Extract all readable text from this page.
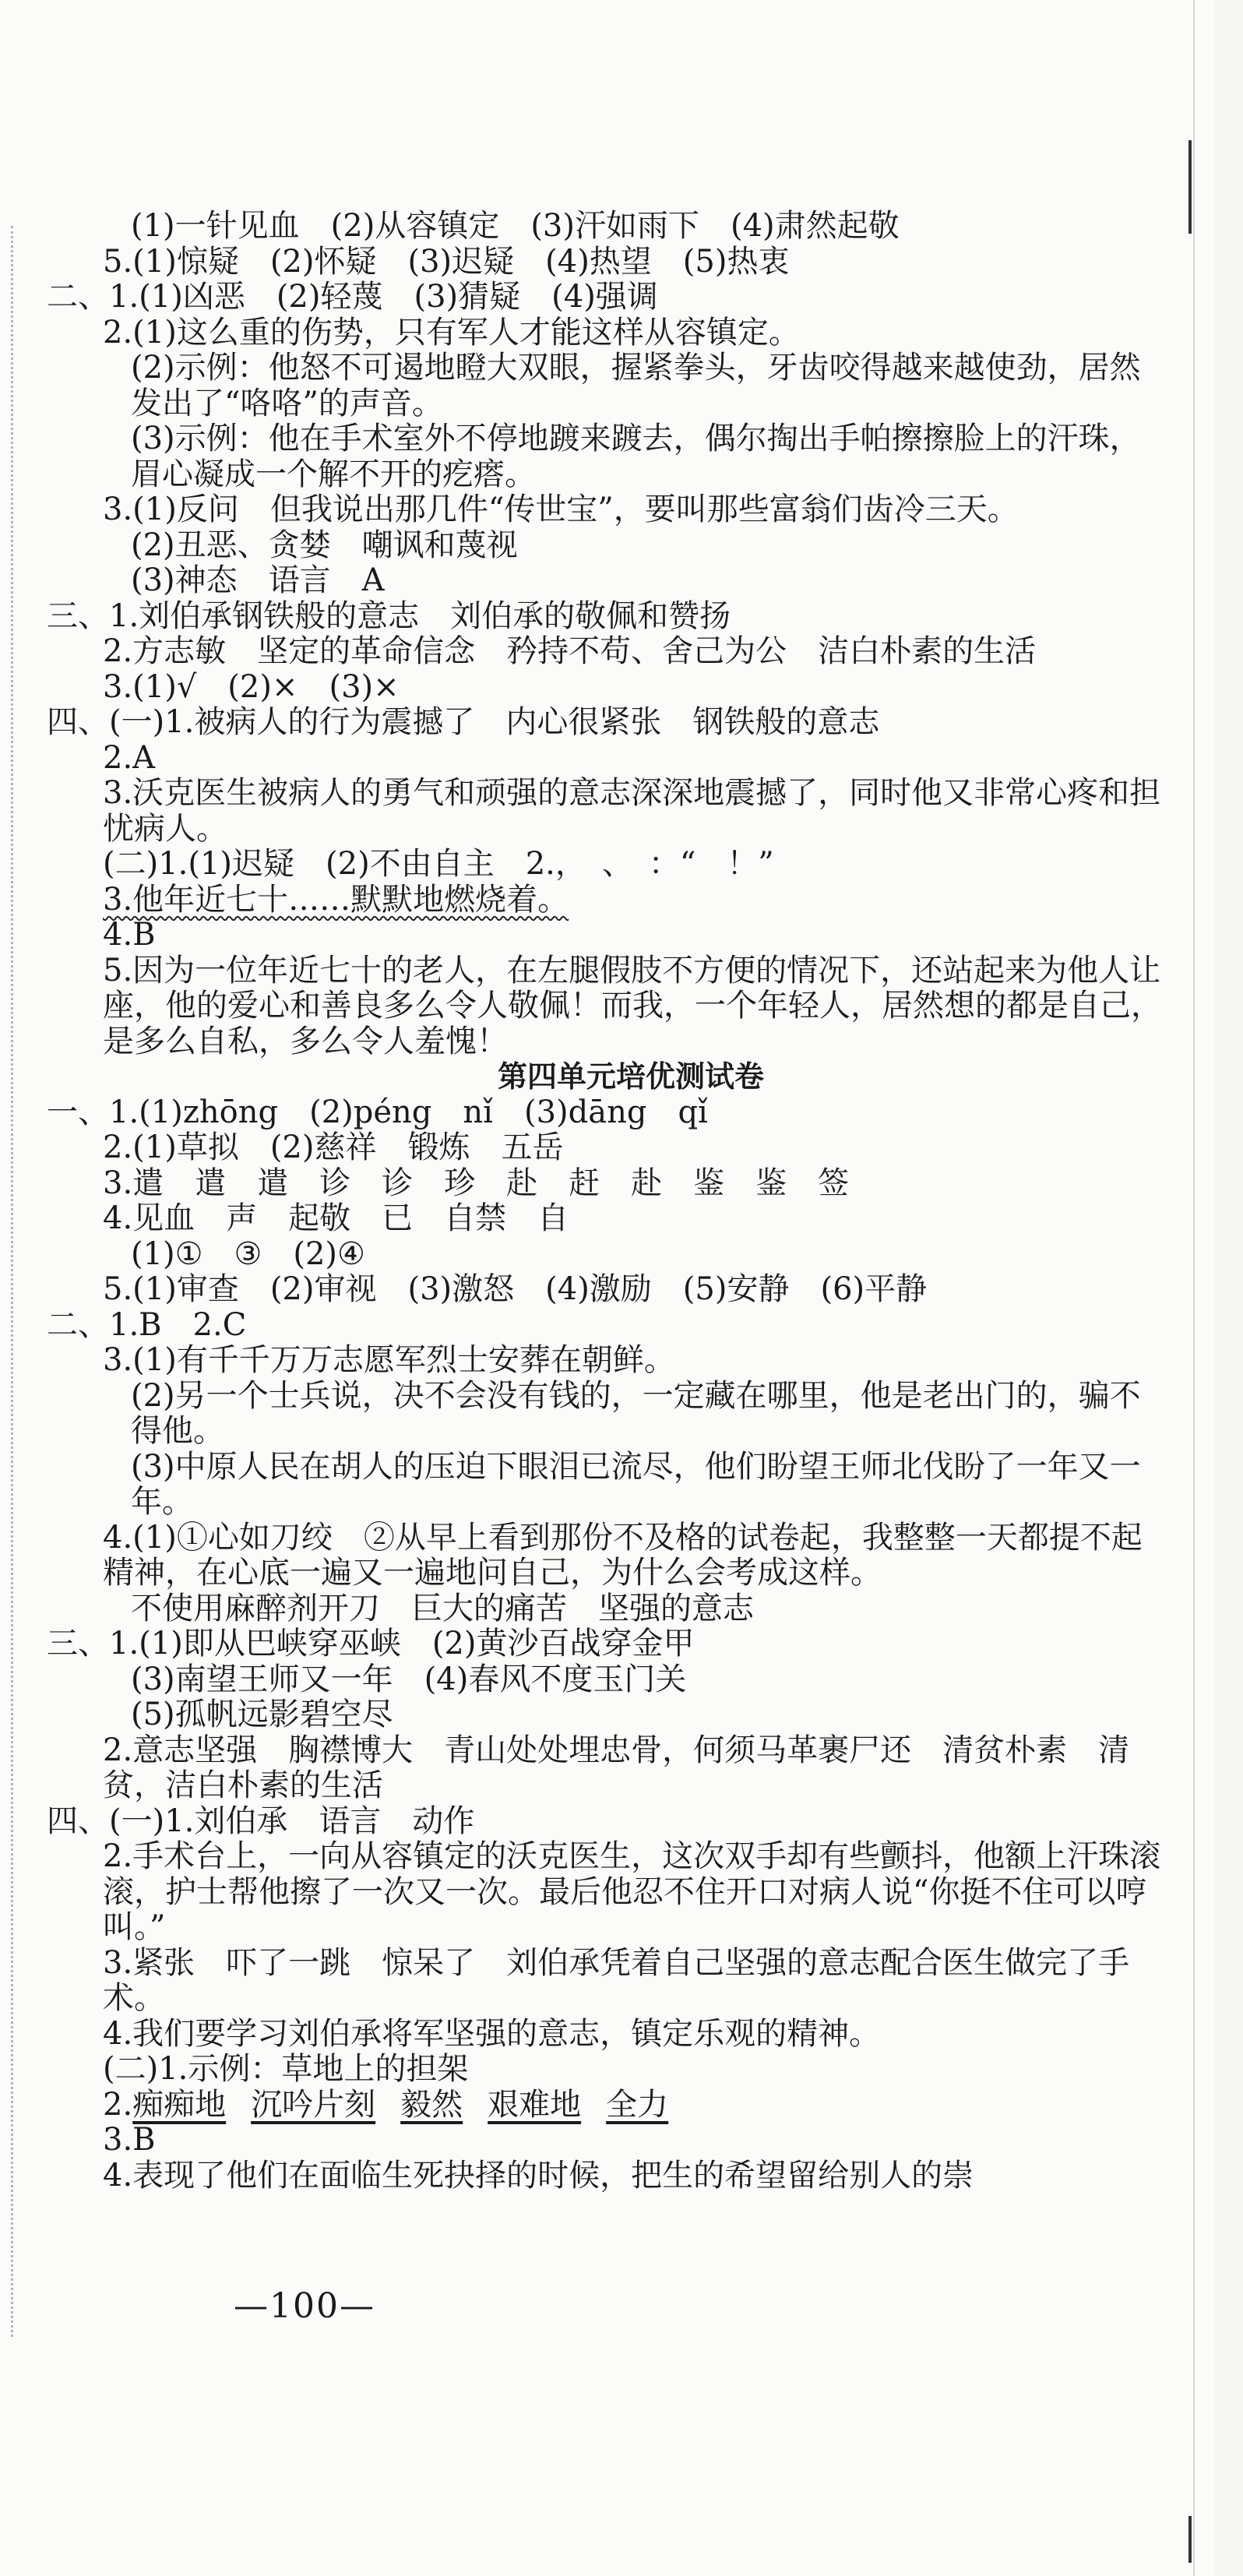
(1)一针见血　(2)从容镇定　(3)汗如雨下　(4)肃然起敬
5.(1)惊疑　(2)怀疑　(3)迟疑　(4)热望　(5)热衷
二、1.(1)凶恶　(2)轻蔑　(3)猜疑　(4)强调
2.(1)这么重的伤势，只有军人才能这样从容镇定。
(2)示例：他怒不可遏地瞪大双眼，握紧拳头，牙齿咬得越来越使劲，居然发出了“咯咯”的声音。
(3)示例：他在手术室外不停地踱来踱去，偶尔掏出手帕擦擦脸上的汗珠，眉心凝成一个解不开的疙瘩。
3.(1)反问　但我说出那几件“传世宝”，要叫那些富翁们齿冷三天。
(2)丑恶、贪婪　嘲讽和蔑视
(3)神态　语言　A
三、1.刘伯承钢铁般的意志　刘伯承的敬佩和赞扬
2.方志敏　坚定的革命信念　矜持不苟、舍己为公　洁白朴素的生活
3.(1)√　(2)×　(3)×
四、(一)1.被病人的行为震撼了　内心很紧张　钢铁般的意志
2.A
3.沃克医生被病人的勇气和顽强的意志深深地震撼了，同时他又非常心疼和担忧病人。
(二)1.(1)迟疑　(2)不由自主　2.，　、　：“　！”
3.他年近七十……默默地燃烧着。
4.B
5.因为一位年近七十的老人，在左腿假肢不方便的情况下，还站起来为他人让座，他的爱心和善良多么令人敬佩！而我，一个年轻人，居然想的都是自己，是多么自私，多么令人羞愧！
第四单元培优测试卷
一、1.(1)zhōng　(2)péng　nǐ　(3)dāng　qǐ
2.(1)草拟　(2)慈祥　锻炼　五岳
3.遣　遣　遣　诊　诊　珍　赴　赶　赴　鉴　鉴　签
4.见血　声　起敬　已　自禁　自
(1)①　③　(2)④
5.(1)审查　(2)审视　(3)激怒　(4)激励　(5)安静　(6)平静
二、1.B　2.C
3.(1)有千千万万志愿军烈士安葬在朝鲜。
(2)另一个士兵说，决不会没有钱的，一定藏在哪里，他是老出门的，骗不得他。
(3)中原人民在胡人的压迫下眼泪已流尽，他们盼望王师北伐盼了一年又一年。
4.(1)①心如刀绞　②从早上看到那份不及格的试卷起，我整整一天都提不起精神，在心底一遍又一遍地问自己，为什么会考成这样。
不使用麻醉剂开刀　巨大的痛苦　坚强的意志
三、1.(1)即从巴峡穿巫峡　(2)黄沙百战穿金甲
(3)南望王师又一年　(4)春风不度玉门关
(5)孤帆远影碧空尽
2.意志坚强　胸襟博大　青山处处埋忠骨，何须马革裹尸还　清贫朴素　清贫，洁白朴素的生活
四、(一)1.刘伯承　语言　动作
2.手术台上，一向从容镇定的沃克医生，这次双手却有些颤抖，他额上汗珠滚滚，护士帮他擦了一次又一次。最后他忍不住开口对病人说“你挺不住可以哼叫。”
3.紧张　吓了一跳　惊呆了　刘伯承凭着自己坚强的意志配合医生做完了手术。
4.我们要学习刘伯承将军坚强的意志，镇定乐观的精神。
(二)1.示例：草地上的担架
2.痴痴地 沉吟片刻 毅然 艰难地 全力
3.B
4.表现了他们在面临生死抉择的时候，把生的希望留给别人的崇
—100—
